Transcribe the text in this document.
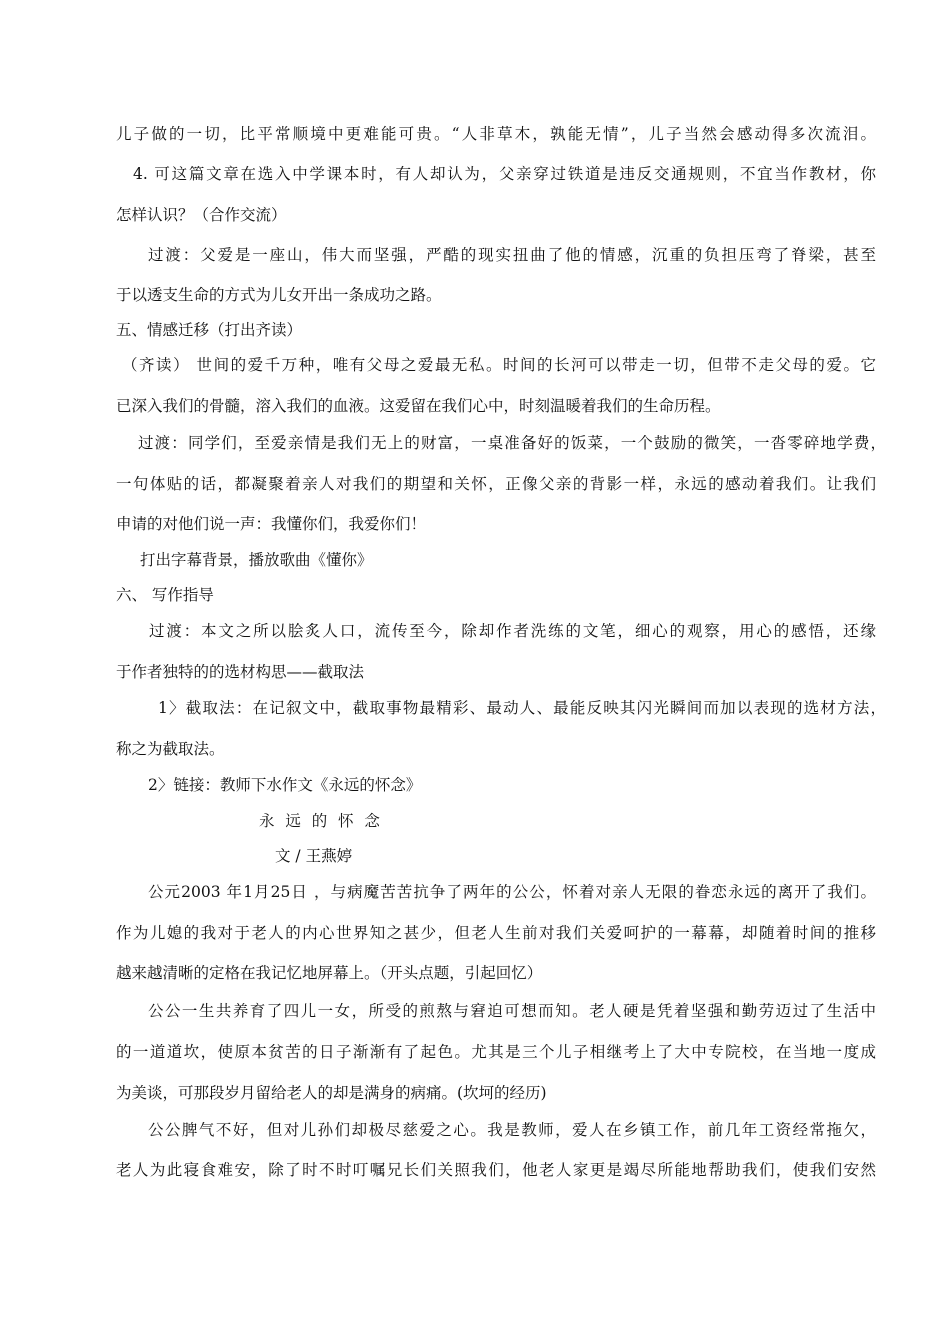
儿子做的一切，比平常顺境中更难能可贵。“人非草木，孰能无情”，儿子当然会感动得多次流泪。
4. 可这篇文章在选入中学课本时，有人却认为，父亲穿过铁道是违反交通规则，不宜当作教材，你
怎样认识？（合作交流）
过渡：父爱是一座山，伟大而坚强，严酷的现实扭曲了他的情感，沉重的负担压弯了脊梁，甚至
于以透支生命的方式为儿女开出一条成功之路。
五、情感迁移（打出齐读）
（齐读） 世间的爱千万种，唯有父母之爱最无私。时间的长河可以带走一切，但带不走父母的爱。它
已深入我们的骨髓，溶入我们的血液。这爱留在我们心中，时刻温暖着我们的生命历程。
过渡：同学们，至爱亲情是我们无上的财富，一桌准备好的饭菜，一个鼓励的微笑，一沓零碎地学费，
一句体贴的话，都凝聚着亲人对我们的期望和关怀，正像父亲的背影一样，永远的感动着我们。让我们
申请的对他们说一声：我懂你们，我爱你们！
打出字幕背景，播放歌曲《懂你》
六、 写作指导
过渡：本文之所以脍炙人口，流传至今，除却作者洗练的文笔，细心的观察，用心的感悟，还缘
于作者独特的的选材构思——截取法
1〉截取法：在记叙文中，截取事物最精彩、最动人、最能反映其闪光瞬间而加以表现的选材方法，
称之为截取法。
2〉链接：教师下水作文《永远的怀念》
永远的怀念
文 / 王燕婷
公元2003 年1月25日 ，与病魔苦苦抗争了两年的公公，怀着对亲人无限的眷恋永远的离开了我们。
作为儿媳的我对于老人的内心世界知之甚少，但老人生前对我们关爱呵护的一幕幕，却随着时间的推移
越来越清晰的定格在我记忆地屏幕上。（开头点题，引起回忆）
公公一生共养育了四儿一女，所受的煎熬与窘迫可想而知。老人硬是凭着坚强和勤劳迈过了生活中
的一道道坎，使原本贫苦的日子渐渐有了起色。尤其是三个儿子相继考上了大中专院校，在当地一度成
为美谈，可那段岁月留给老人的却是满身的病痛。(坎坷的经历)
公公脾气不好，但对儿孙们却极尽慈爱之心。我是教师，爱人在乡镇工作，前几年工资经常拖欠，
老人为此寝食难安，除了时不时叮嘱兄长们关照我们，他老人家更是竭尽所能地帮助我们，使我们安然
